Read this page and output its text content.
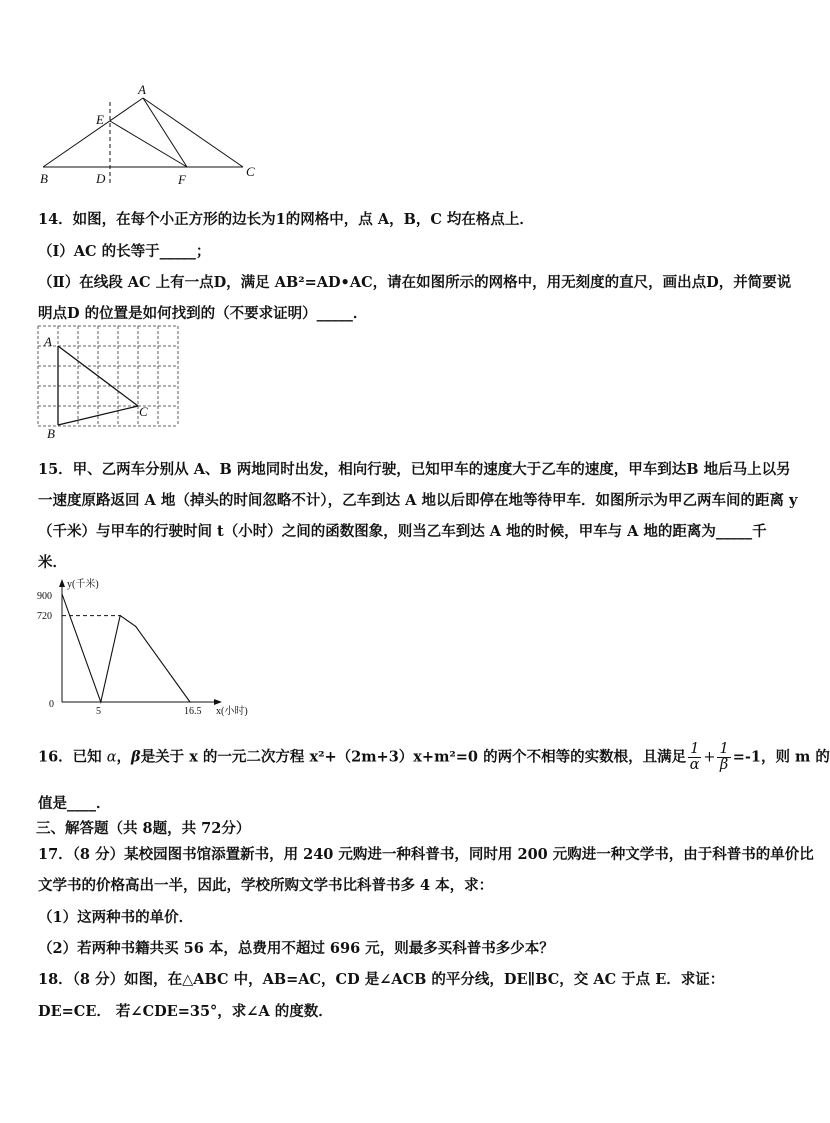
A
E
B	D	F
C
14．如图，在每个小正方形的边长为1的网格中，点 A，B，C 均在格点上．
（Ⅰ）AC 的长等于_____；
（Ⅱ）在线段 AC 上有一点D，满足 AB²=AD•AC，请在如图所示的网格中，用无刻度的直尺，画出点D，并简要说
明点D 的位置是如何找到的（不要求证明）_____．
A
B
C
15．甲、乙两车分别从 A、B 两地同时出发，相向行驶，已知甲车的速度大于乙车的速度，甲车到达B 地后马上以另
一速度原路返回 A 地（掉头的时间忽略不计），乙车到达 A 地以后即停在地等待甲车．如图所示为甲乙两车间的距离 y
（千米）与甲车的行驶时间 t（小时）之间的函数图象，则当乙车到达 A 地的时候，甲车与 A 地的距离为_____千
米．
y(千米)
x(小时)
900
720
0
5	16.5
16．已知 α，β是关于 x 的一元二次方程 x²+（2m+3）x+m²=0 的两个不相等的实数根，且满足 $\frac{1}{\alpha} + \frac{1}{\beta} =-1$，则 m 的
值是____．
三、解答题（共 8题，共 72分）
17．（8 分）某校园图书馆添置新书，用 240 元购进一种科普书，同时用 200 元购进一种文学书，由于科普书的单价比
文学书的价格高出一半，因此，学校所购文学书比科普书多 4 本，求：
（1）这两种书的单价．
（2）若两种书籍共买 56 本，总费用不超过 696 元，则最多买科普书多少本？
18．（8 分）如图，在△ABC 中，AB=AC，CD 是∠ACB 的平分线，DE∥BC，交 AC 于点 E．求证：
DE=CE． 若∠CDE=35°，求∠A 的度数．
